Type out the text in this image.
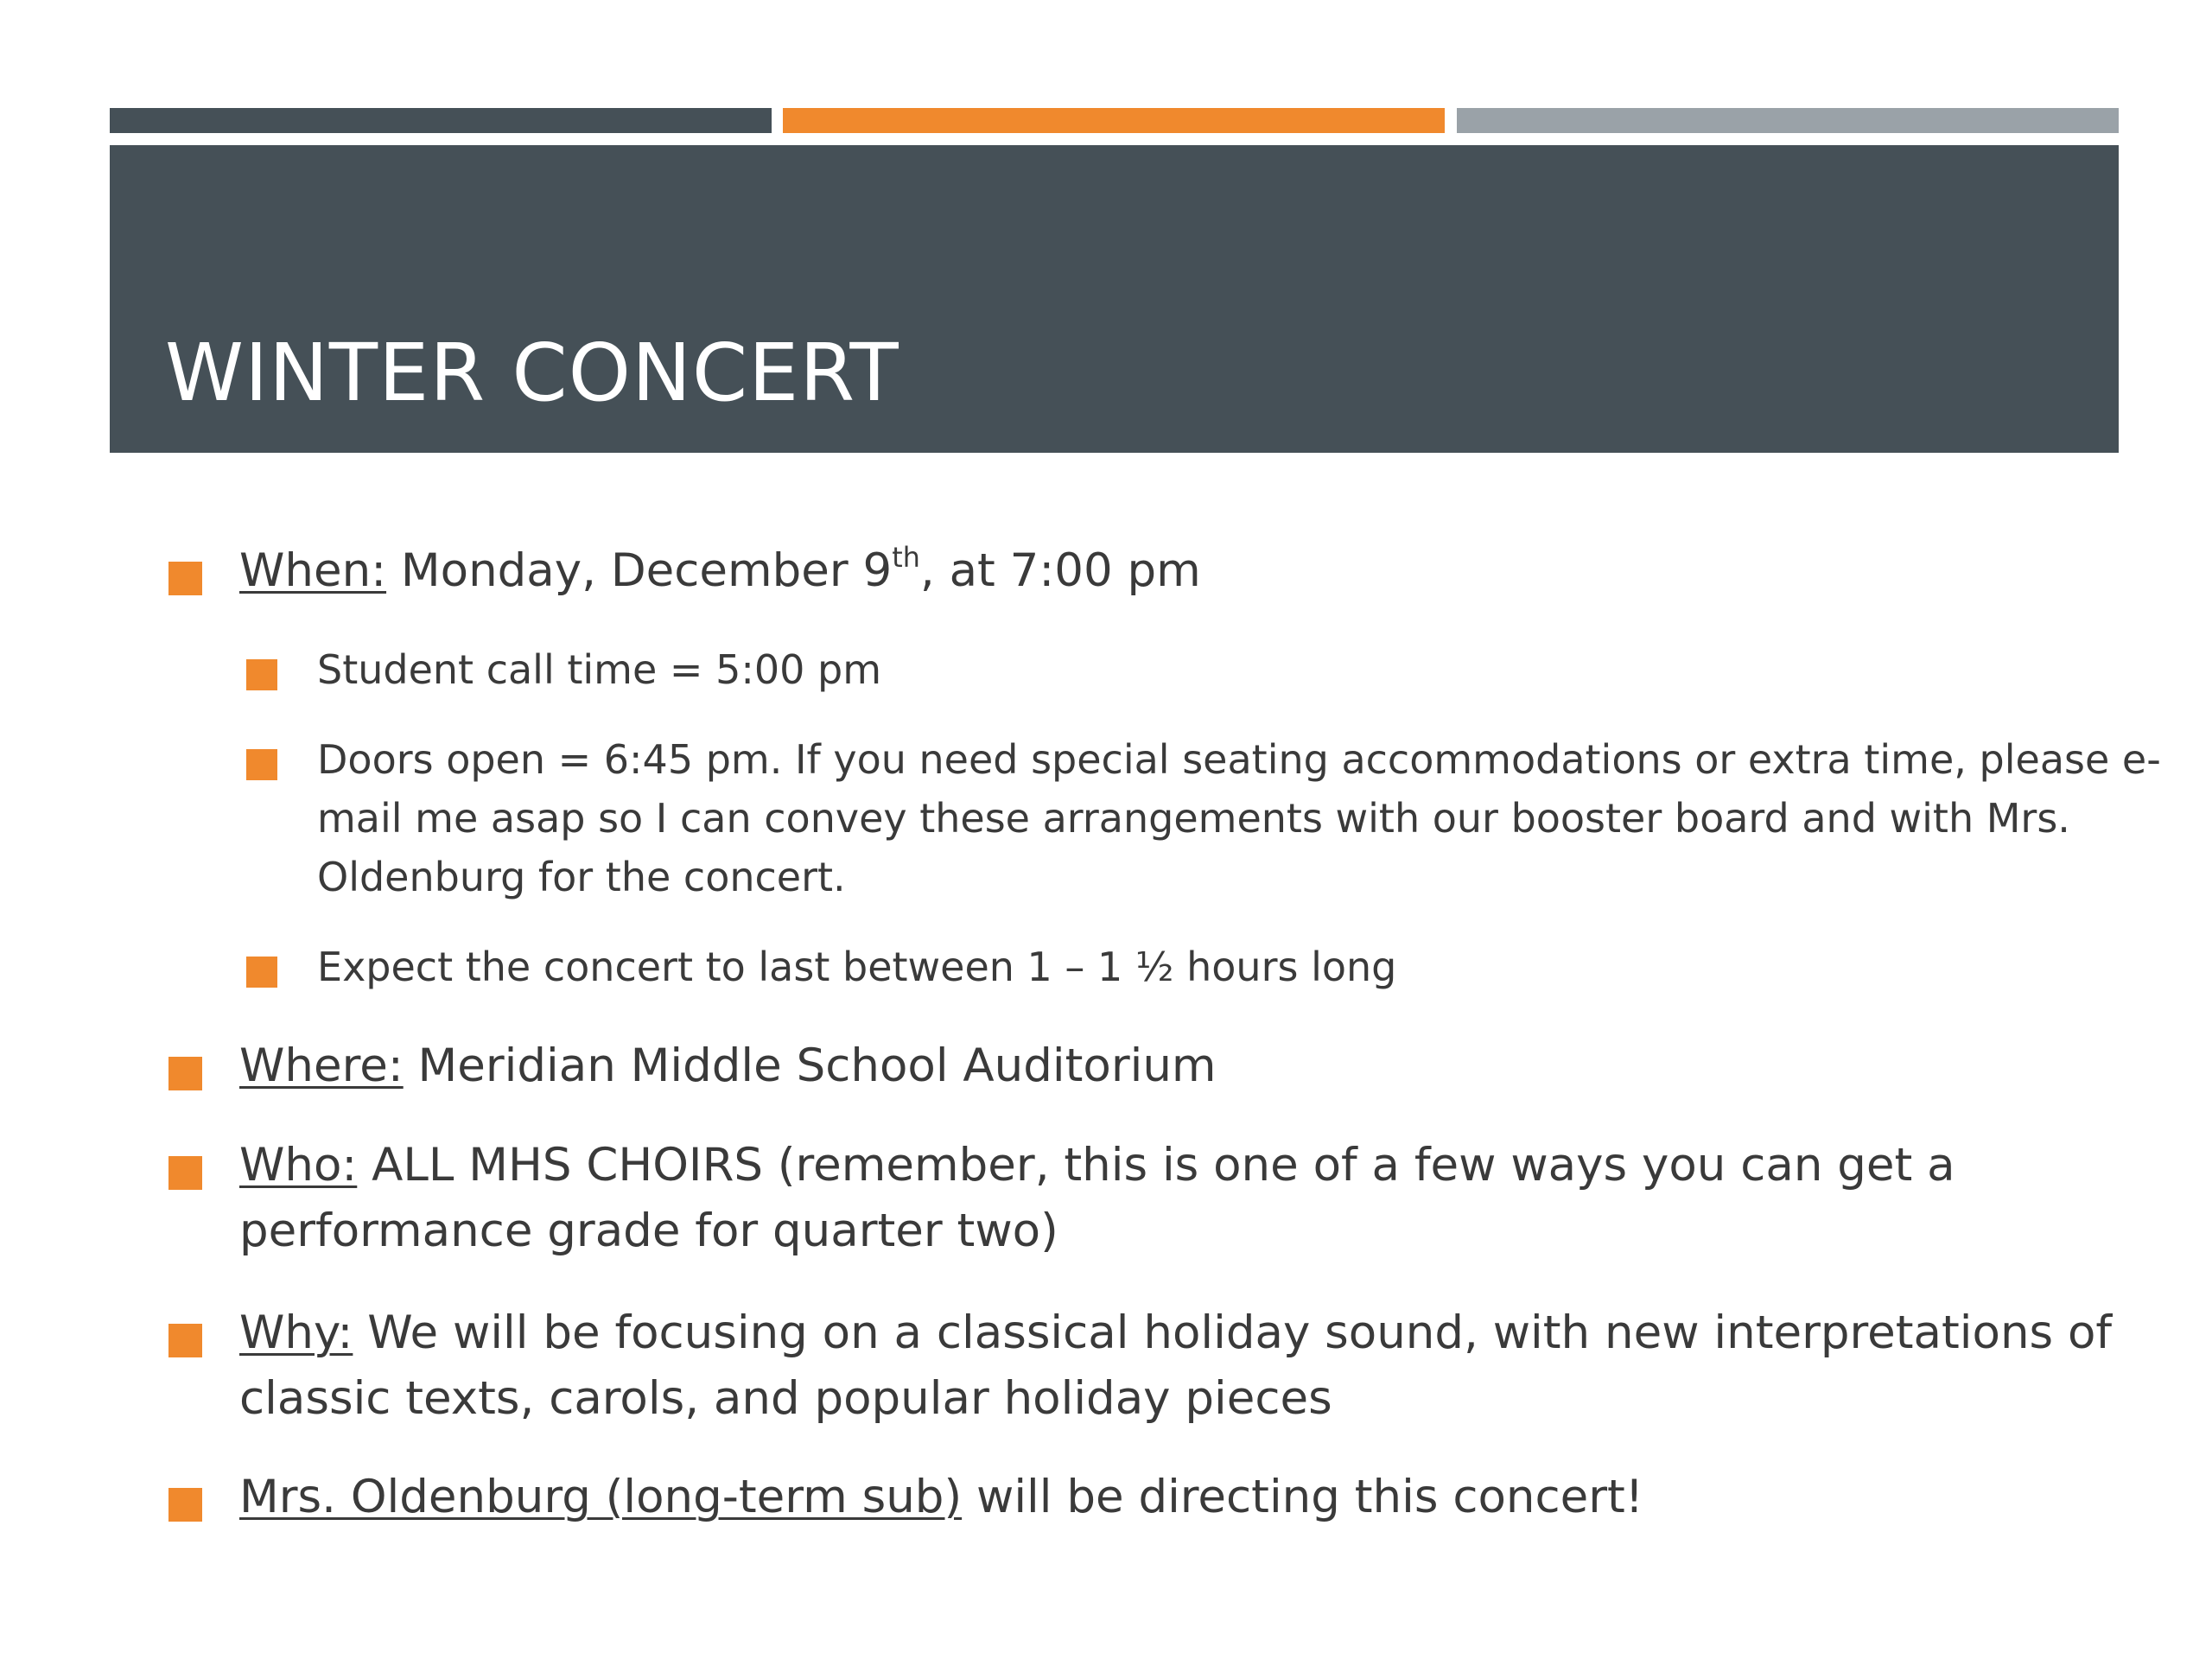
WINTER CONCERT
When: Monday, December 9th, at 7:00 pm
Student call time = 5:00 pm
Doors open = 6:45 pm. If you need special seating accommodations or extra time, please e-mail me asap so I can convey these arrangements with our booster board and with Mrs. Oldenburg for the concert.
Expect the concert to last between 1 – 1 ½ hours long
Where: Meridian Middle School Auditorium
Who: ALL MHS CHOIRS (remember, this is one of a few ways you can get a performance grade for quarter two)
Why: We will be focusing on a classical holiday sound, with new interpretations of classic texts, carols, and popular holiday pieces
Mrs. Oldenburg (long-term sub) will be directing this concert!
